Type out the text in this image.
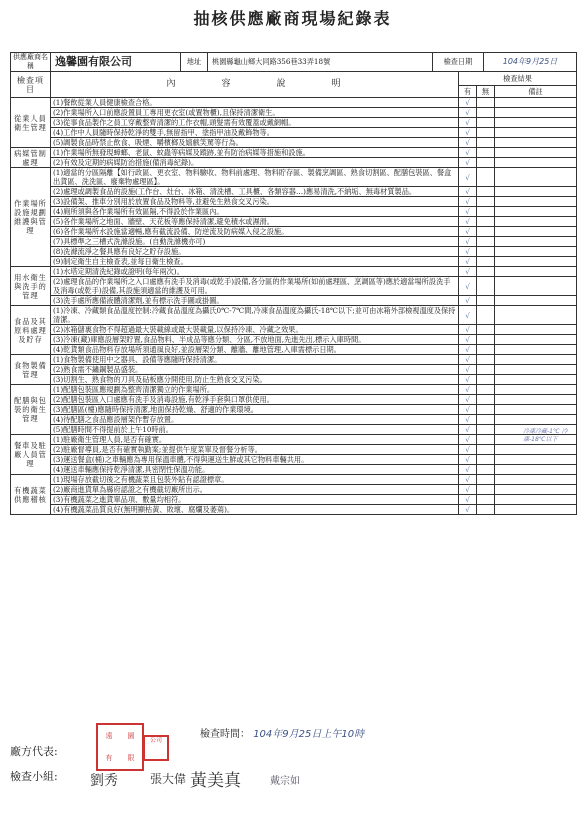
抽核供應廠商現場紀錄表
供應廠商名稱	逸馨園有限公司 地址 桃園縣龜山鄉大同路356巷33弄18號 檢查日期 104年9月25日			

檢查項目	內　　　　容　　　　說　　　　明	檢查結果		
		有	無	備註
從業人員衛生管理	(1)餐飲從業人員健康檢查合格。	√		
	(2)作業場所入口前應設置員工專用更衣室(或置物櫃),且保持清潔衛生。	√		
	(3)從事食品製作之員工穿戴整齊清潔的工作衣帽,頭髮需有效覆蓋或戴網帽。	√		
	(4)工作中人員隨時保持乾淨的雙手,無留指甲、塗指甲油及戴飾物等。	√		
	(5)調製食品時禁止飲食、吸煙、嚼檳榔及嬉戲笑罵等行為。	√		
病媒管制處理	(1)作業場所無發現蟑螂、老鼠、蚊蟲等病媒及蹤跡,並有防治病媒等措施和設施。	√		
	(2)有效及定期的病媒防治措施(備消毒紀錄)。	√		
作業場所設施規劃維護與管理	(1)適當的分區隔離【如行政區、更衣室、物料驗收、物料前處理、物料貯存區、製備烹調區、熟食切割區、配膳包裝區、餐盒出貨區、洗洗區、廢棄物處理區】。	√		
	(2)處理或調製食品的設施(工作台、灶台、冰箱、清洗槽、工具櫃、各類容器…)應易清洗,不納垢、無毒材質製品。	√		
	(3)設備架、推車分別用於放置食品及物料等,並避免生熟食交叉污染。	√		
	(4)廁所須與各作業場所有效區隔,不得設於作業區內。	√		
	(5)各作業場所之地面、牆壁、天花板等應保持清潔,避免積水或濕滑。	√		
	(6)各作業場所水設施當適暢,應有截流設備、防逆流及防病媒入侵之設施。	√		
	(7)具標準之三槽式洗滌設施。(自動洗滌機亦可)	√		
	(8)洗滌流淨之餐具應有良好之貯存設施。	√		
	(9)制定衛生自主檢查表,並每日衛生檢查。	√		
用水衛生與洗手的管理	(1)水塔定期清洗紀錄或證明(每年兩次)。	√		
	(2)處理食品的作業場所之入口處應有洗手及消毒(或乾手)設備,各分區的作業場所(如前處理區、烹調區等)應於適當場所設洗手及消毒(或乾手)設備,其設施須適當的維護及可用。	√		
	(3)洗手處所應備液體清潔劑,並有標示洗手圖或掛圖。	√		
食品及其原料處理及貯存	(1)冷凍、冷藏類食品溫度控制:冷藏食品溫度為攝氏0℃-7℃間,冷凍食品溫度為攝氏-18℃以下;並可由冰箱外部檢視溫度及保持清潔。	√		
	(2)冰箱儲裏食物不得超過最大裝載線或最大裝載量,以保持冷凍、冷藏之效果。	√		
	(3)冷凍(藏)庫應設層架貯置,食品物料、半成品等應分類、分區,不放地面,先進先出,標示入庫時間。	√		
	(4)乾貨類食品物料存放場所須通風良好,並設層架分類、離牆、離地管理,入庫需標示日期。	√		
食物製備管理	(1)食物製備使用中之器具、設備等應隨時保持清潔。	√		
	(2)熟食需不鏽鋼製品盛裝。	√		
	(3)切割生、熟食物的刀具及砧板應分開使用,防止生熟食交叉污染。	√		
配膳與包裝的衛生管理	(1)配膳包裝區應規劃為整齊清潔獨立的作業場所。	√		
	(2)配膳包裝區入口處應有洗手及消毒設施,有乾淨手套與口罩供使用。	√		
	(3)配膳區(檯)應隨時保持清潔,地面保持乾燥、舒適的作業環境。	√		
	(4)待配膳之食品應設層架作暫存放置。	√		
	(5)配膳時間不得提前於上午10時前。	√		
餐車及駐廠人員管理	(1)駐廠衛生管理人員,是否有確實。	√		
	(2)駐廠督導員,是否有確實執勤案;並提供午度菜單及督餐分析等。	√		
	(3)運送餐盒(桶)之車輛應為專用保溫車體,不得與運送生鮮或其它物料車輛共用。	√		
	(4)運送車輛應保持乾淨清潔,具密閉性保溫功能。	√		
有機蔬菜供應稽核	(1)現場存放截切後之有機蔬菜且包裝外貼有認證標章。	√		
	(2)廠商進貨單為縣府認證之有機截切廠所出示。	√		
	(3)有機蔬菜之進貨單品項、數量均相符。	√		
	(4)有機蔬菜品質良好(無明顯枯黃、敗壞、腐爛及萎蔫)。	√		
冷凍冷藏-1℃ 冷凍-18℃以下
檢查時間： 104年9月25日上午10時
廠方代表:
遠	園
有	限
公司
檢查小組: 劉秀	張大偉 黃美真	戴宗如
